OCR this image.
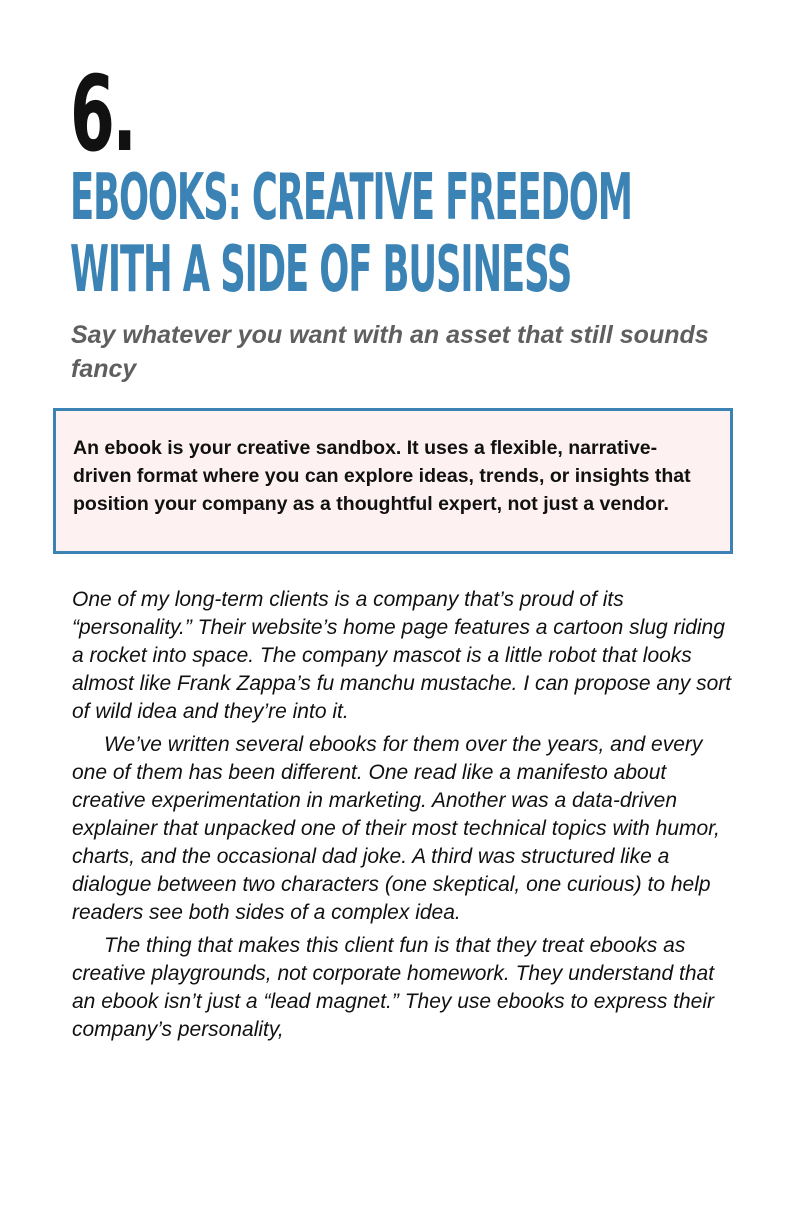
6.
EBOOKS: CREATIVE FREEDOM WITH A SIDE OF BUSINESS

Say whatever you want with an asset that still sounds fancy

An ebook is your creative sandbox. It uses a flexible, narrative-driven format where you can explore ideas, trends, or insights that position your company as a thoughtful expert, not just a vendor.

One of my long-term clients is a company that’s proud of its “personality.” Their website’s home page features a cartoon slug riding a rocket into space. The company mascot is a little robot that looks almost like Frank Zappa’s fu manchu mustache. I can propose any sort of wild idea and they’re into it.

We’ve written several ebooks for them over the years, and every one of them has been different. One read like a manifesto about creative experimentation in marketing. Another was a data-driven explainer that unpacked one of their most technical topics with humor, charts, and the occasional dad joke. A third was structured like a dialogue between two characters (one skeptical, one curious) to help readers see both sides of a complex idea.

The thing that makes this client fun is that they treat ebooks as creative playgrounds, not corporate homework. They understand that an ebook isn’t just a “lead magnet.” They use ebooks to express their company’s personality,
